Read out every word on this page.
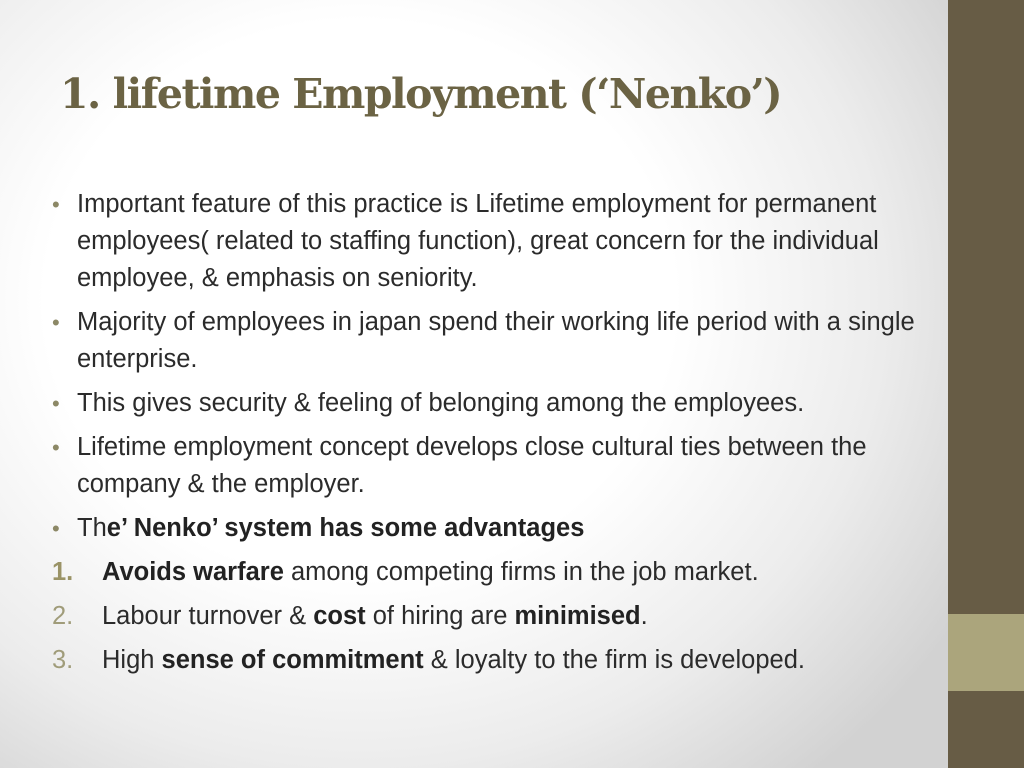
1. lifetime Employment (‘Nenko’)
• Important feature of this practice is Lifetime employment for permanent employees( related to staffing function), great concern for the individual employee, & emphasis on seniority.
• Majority of employees in japan spend their working life period with a single enterprise.
• This gives security & feeling of belonging among the employees.
• Lifetime employment concept develops close cultural ties between the company & the employer.
• The’ Nenko’ system has some advantages
1.	Avoids warfare among competing firms in the job market.
2.	Labour turnover & cost of hiring are minimised.
3.	High sense of commitment & loyalty to the firm is developed.
